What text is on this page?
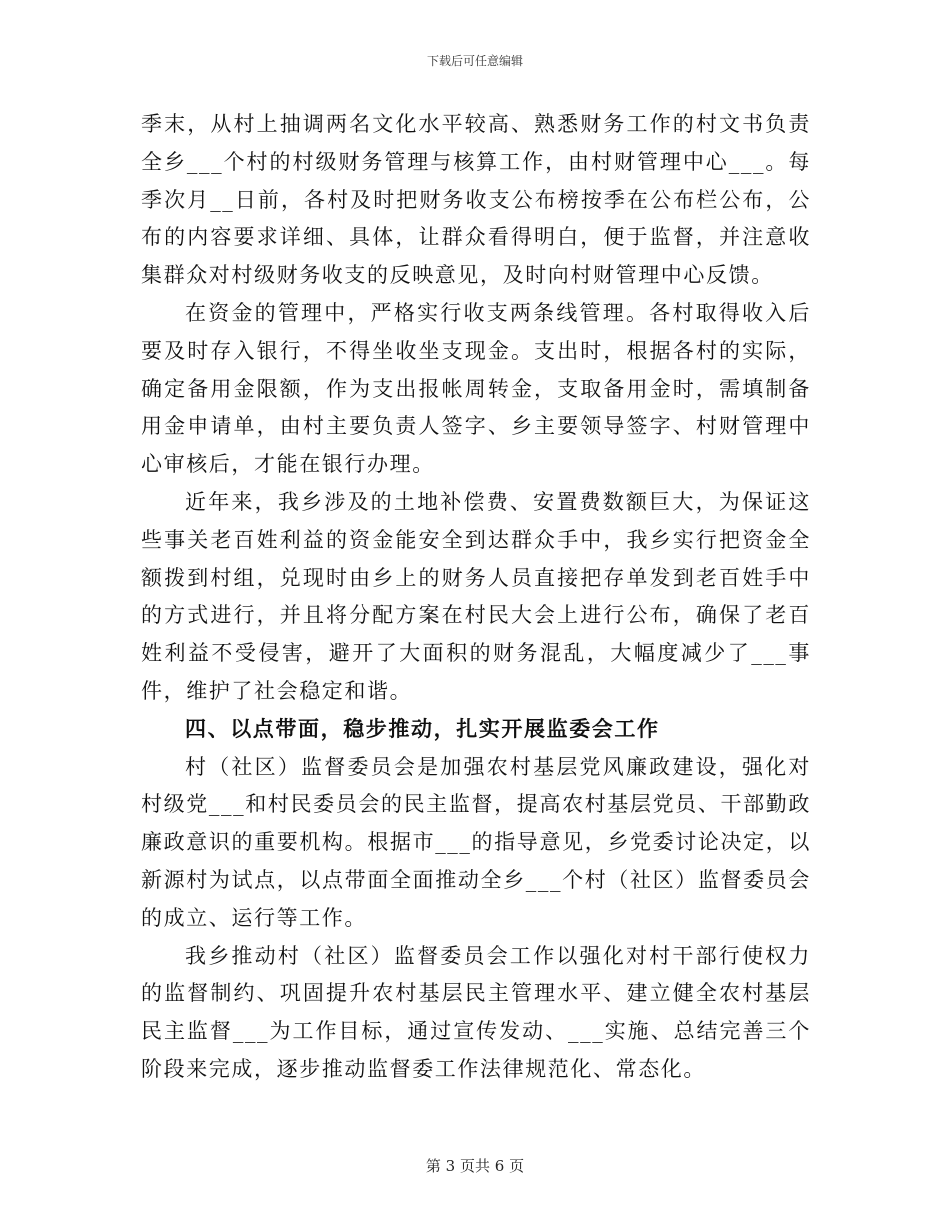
下载后可任意编辑

季末，从村上抽调两名文化水平较高、熟悉财务工作的村文书负责全乡___个村的村级财务管理与核算工作，由村财管理中心___。每季次月__日前，各村及时把财务收支公布榜按季在公布栏公布，公布的内容要求详细、具体，让群众看得明白，便于监督，并注意收集群众对村级财务收支的反映意见，及时向村财管理中心反馈。

在资金的管理中，严格实行收支两条线管理。各村取得收入后要及时存入银行，不得坐收坐支现金。支出时，根据各村的实际，确定备用金限额，作为支出报帐周转金，支取备用金时，需填制备用金申请单，由村主要负责人签字、乡主要领导签字、村财管理中心审核后，才能在银行办理。

近年来，我乡涉及的土地补偿费、安置费数额巨大，为保证这些事关老百姓利益的资金能安全到达群众手中，我乡实行把资金全额拨到村组，兑现时由乡上的财务人员直接把存单发到老百姓手中的方式进行，并且将分配方案在村民大会上进行公布，确保了老百姓利益不受侵害，避开了大面积的财务混乱，大幅度减少了___事件，维护了社会稳定和谐。

四、以点带面，稳步推动，扎实开展监委会工作

村（社区）监督委员会是加强农村基层党风廉政建设，强化对村级党___和村民委员会的民主监督，提高农村基层党员、干部勤政廉政意识的重要机构。根据市___的指导意见，乡党委讨论决定，以新源村为试点，以点带面全面推动全乡___个村（社区）监督委员会的成立、运行等工作。

我乡推动村（社区）监督委员会工作以强化对村干部行使权力的监督制约、巩固提升农村基层民主管理水平、建立健全农村基层民主监督___为工作目标，通过宣传发动、___实施、总结完善三个阶段来完成，逐步推动监督委工作法律规范化、常态化。

第 3 页共 6 页
